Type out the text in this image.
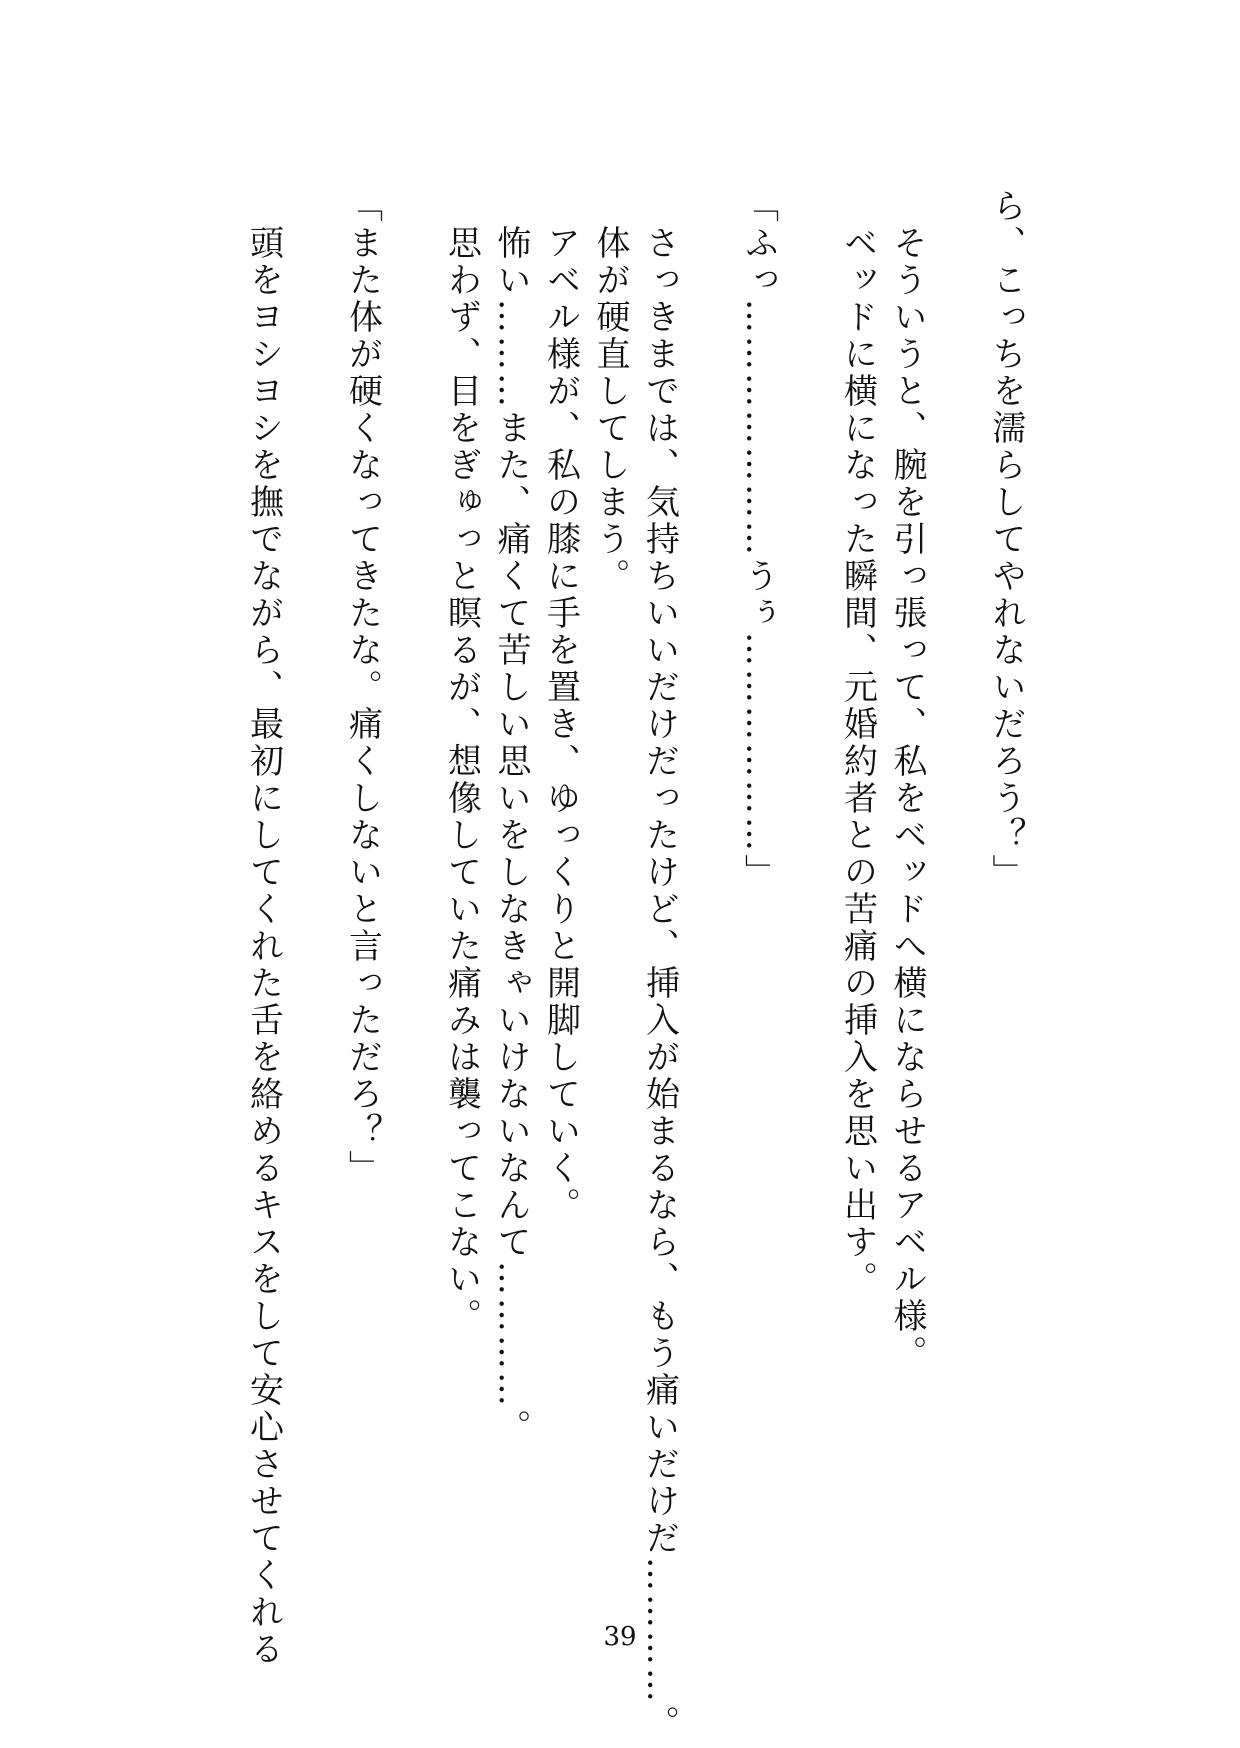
ら、こっちを濡らしてやれないだろう？」

　そういうと、腕を引っ張って、私をベッドへ横にならせるアベル様。

　ベッドに横になった瞬間、元婚約者との苦痛の挿入を思い出す。

「ふっ…………………うぅ………………」

　さっきまでは、気持ちいいだけだったけど、挿入が始まるなら、もう痛いだけだ…………。

　体が硬直してしまう。

　アベル様が、私の膝に手を置き、ゆっくりと開脚していく。

　怖い………また、痛くて苦しい思いをしなきゃいけないなんて…………。

　思わず、目をぎゅっと瞑るが、想像していた痛みは襲ってこない。

「また体が硬くなってきたな。痛くしないと言っただろ？」

　頭をヨシヨシを撫でながら、最初にしてくれた舌を絡めるキスをして安心させてくれる	39
